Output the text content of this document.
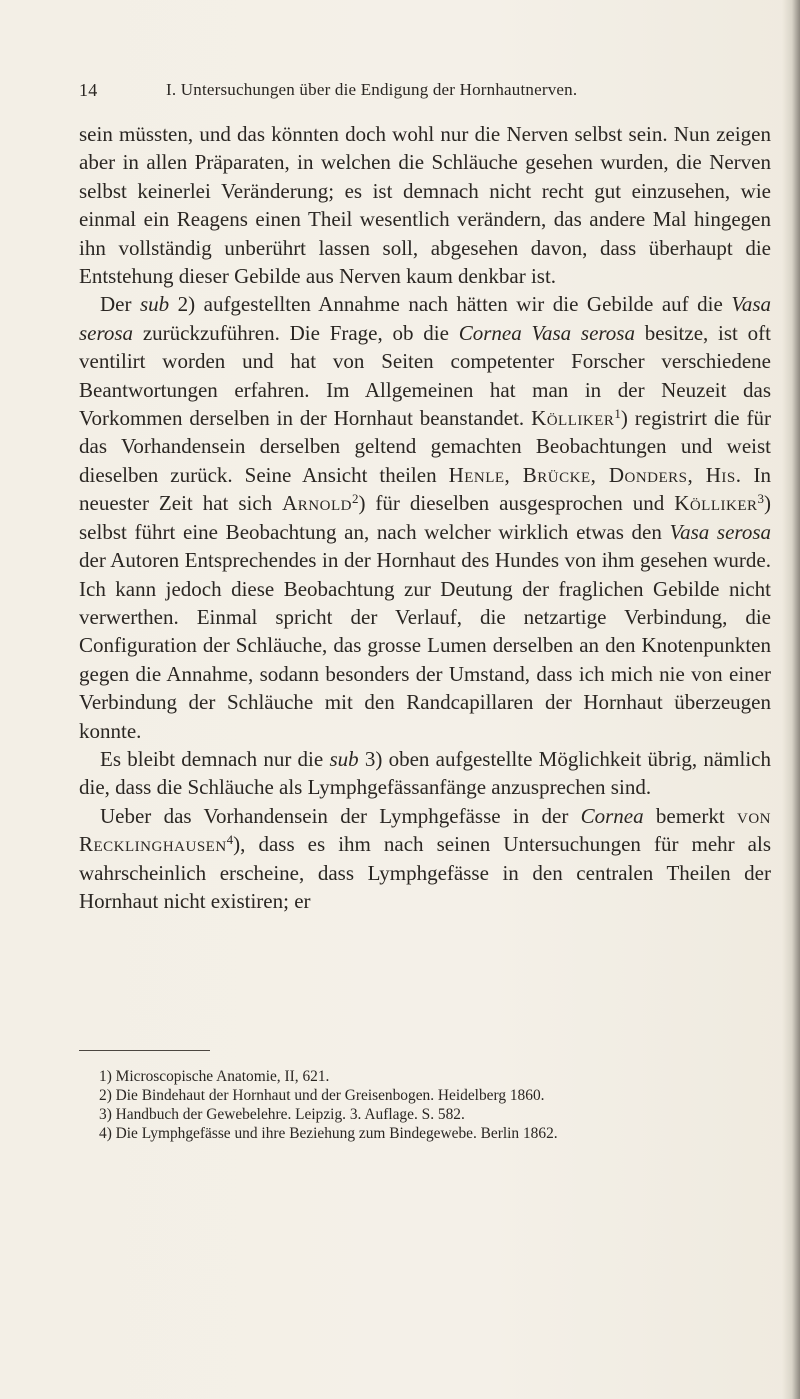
14	I. Untersuchungen über die Endigung der Hornhautnerven.

sein müssten, und das könnten doch wohl nur die Nerven selbst sein. Nun zeigen aber in allen Präparaten, in welchen die Schläuche gesehen wurden, die Nerven selbst keinerlei Veränderung; es ist demnach nicht recht gut einzusehen, wie einmal ein Reagens einen Theil wesentlich verändern, das andere Mal hingegen ihn vollständig unberührt lassen soll, abgesehen davon, dass überhaupt die Entstehung dieser Gebilde aus Nerven kaum denkbar ist.

Der sub 2) aufgestellten Annahme nach hätten wir die Gebilde auf die Vasa serosa zurückzuführen. Die Frage, ob die Cornea Vasa serosa besitze, ist oft ventilirt worden und hat von Seiten competenter Forscher verschiedene Beantwortungen erfahren. Im Allgemeinen hat man in der Neuzeit das Vorkommen derselben in der Hornhaut beanstandet. Kölliker$^1$) registrirt die für das Vorhandensein derselben geltend gemachten Beobachtungen und weist dieselben zurück. Seine Ansicht theilen Henle, Brücke, Donders, His. In neuester Zeit hat sich Arnold$^2$) für dieselben ausgesprochen und Kölliker$^3$) selbst führt eine Beobachtung an, nach welcher wirklich etwas den Vasa serosa der Autoren Entsprechendes in der Hornhaut des Hundes von ihm gesehen wurde. Ich kann jedoch diese Beobachtung zur Deutung der fraglichen Gebilde nicht verwerthen. Einmal spricht der Verlauf, die netzartige Verbindung, die Configuration der Schläuche, das grosse Lumen derselben an den Knotenpunkten gegen die Annahme, sodann besonders der Umstand, dass ich mich nie von einer Verbindung der Schläuche mit den Randcapillaren der Hornhaut überzeugen konnte.

Es bleibt demnach nur die sub 3) oben aufgestellte Möglichkeit übrig, nämlich die, dass die Schläuche als Lymphgefässanfänge anzusprechen sind.

Ueber das Vorhandensein der Lymphgefässe in der Cornea bemerkt von Recklinghausen$^4$), dass es ihm nach seinen Untersuchungen für mehr als wahrscheinlich erscheine, dass Lymphgefässe in den centralen Theilen der Hornhaut nicht existiren; er

1) Microscopische Anatomie, II, 621.
2) Die Bindehaut der Hornhaut und der Greisenbogen. Heidelberg 1860.
3) Handbuch der Gewebelehre. Leipzig. 3. Auflage. S. 582.
4) Die Lymphgefässe und ihre Beziehung zum Bindegewebe. Berlin 1862.
